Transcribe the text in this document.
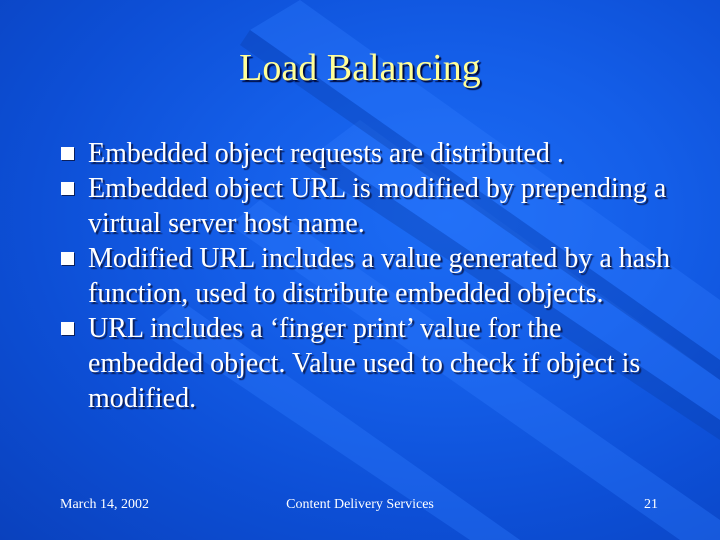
Load Balancing
Embedded object requests are distributed .
Embedded object URL is modified by prepending a virtual server host name.
Modified URL includes a value generated by a hash function, used to distribute embedded objects.
URL includes a ‘finger print’ value for the embedded object. Value used to check if object is modified.
March 14, 2002	Content Delivery Services	21
